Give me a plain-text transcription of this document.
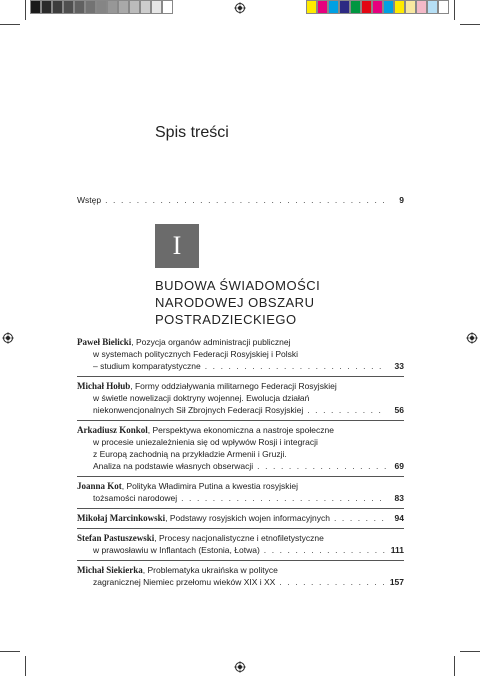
Spis treści
Wstęp . . .	9
I
BUDOWA ŚWIADOMOŚCI
NARODOWEJ OBSZARU
POSTRADZIECKIEGO
Paweł Bielicki, Pozycja organów administracji publicznej
w systemach politycznych Federacji Rosyjskiej i Polski
– studium komparatystyczne . . .	33
Michał Hołub, Formy oddziaływania militarnego Federacji Rosyjskiej
w świetle nowelizacji doktryny wojennej. Ewolucja działań
niekonwencjonalnych Sił Zbrojnych Federacji Rosyjskiej . . .	56
Arkadiusz Konkol, Perspektywa ekonomiczna a nastroje społeczne
w procesie uniezależnienia się od wpływów Rosji i integracji
z Europą zachodnią na przykładzie Armenii i Gruzji.
Analiza na podstawie własnych obserwacji . . .	69
Joanna Kot, Polityka Władimira Putina a kwestia rosyjskiej
tożsamości narodowej . . .	83
Mikołaj Marcinkowski, Podstawy rosyjskich wojen informacyjnych . . .	94
Stefan Pastuszewski, Procesy nacjonalistyczne i etnofiletystyczne
w prawosławiu w Inflantach (Estonia, Łotwa) . . .	111
Michał Siekierka, Problematyka ukraińska w polityce
zagranicznej Niemiec przełomu wieków XIX i XX . . .	157
